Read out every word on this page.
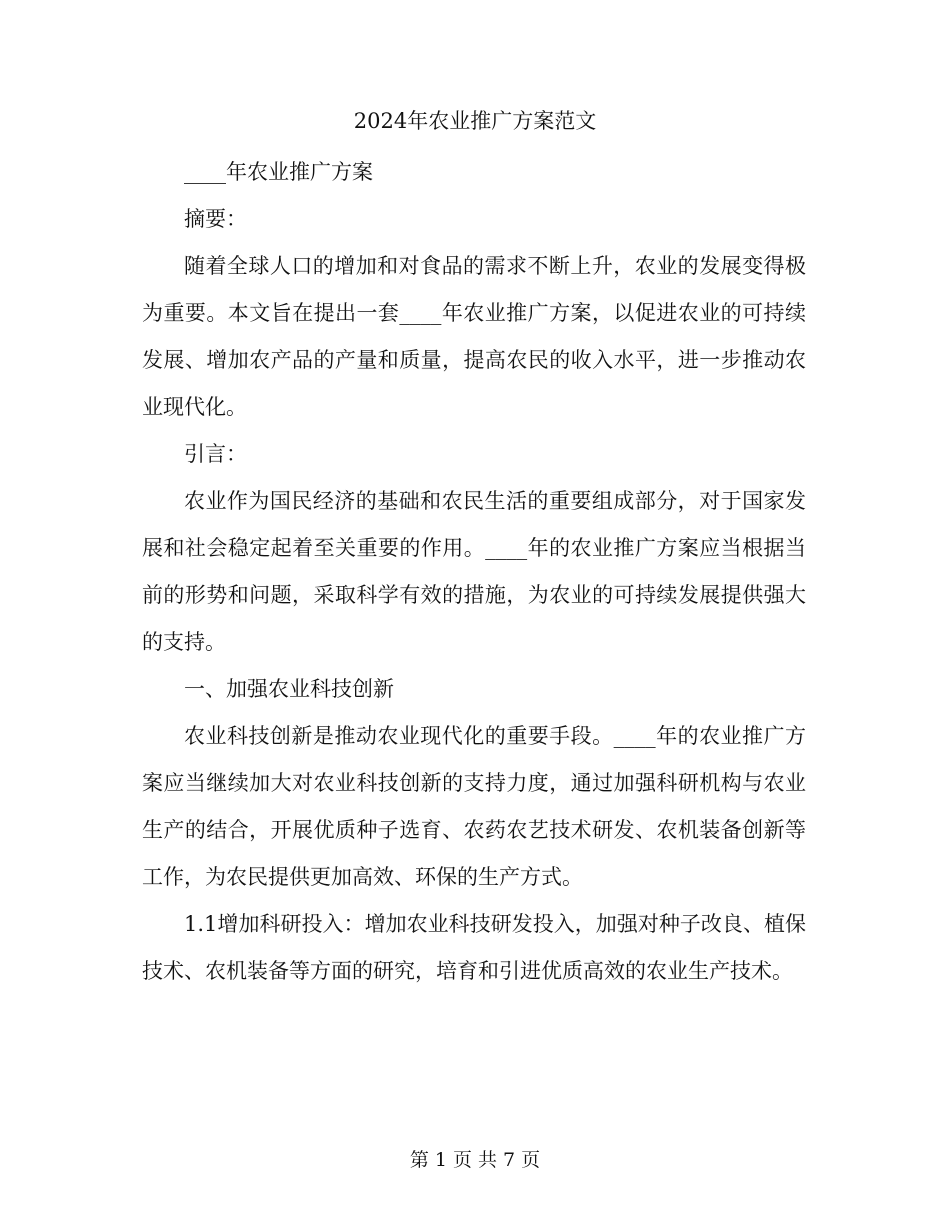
2024年农业推广方案范文

____年农业推广方案

摘要：

随着全球人口的增加和对食品的需求不断上升，农业的发展变得极为重要。本文旨在提出一套____年农业推广方案，以促进农业的可持续发展、增加农产品的产量和质量，提高农民的收入水平，进一步推动农业现代化。

引言：

农业作为国民经济的基础和农民生活的重要组成部分，对于国家发展和社会稳定起着至关重要的作用。____年的农业推广方案应当根据当前的形势和问题，采取科学有效的措施，为农业的可持续发展提供强大的支持。

一、加强农业科技创新

农业科技创新是推动农业现代化的重要手段。____年的农业推广方案应当继续加大对农业科技创新的支持力度，通过加强科研机构与农业生产的结合，开展优质种子选育、农药农艺技术研发、农机装备创新等工作，为农民提供更加高效、环保的生产方式。

1.1增加科研投入：增加农业科技研发投入，加强对种子改良、植保技术、农机装备等方面的研究，培育和引进优质高效的农业生产技术。

第 1 页 共 7 页
